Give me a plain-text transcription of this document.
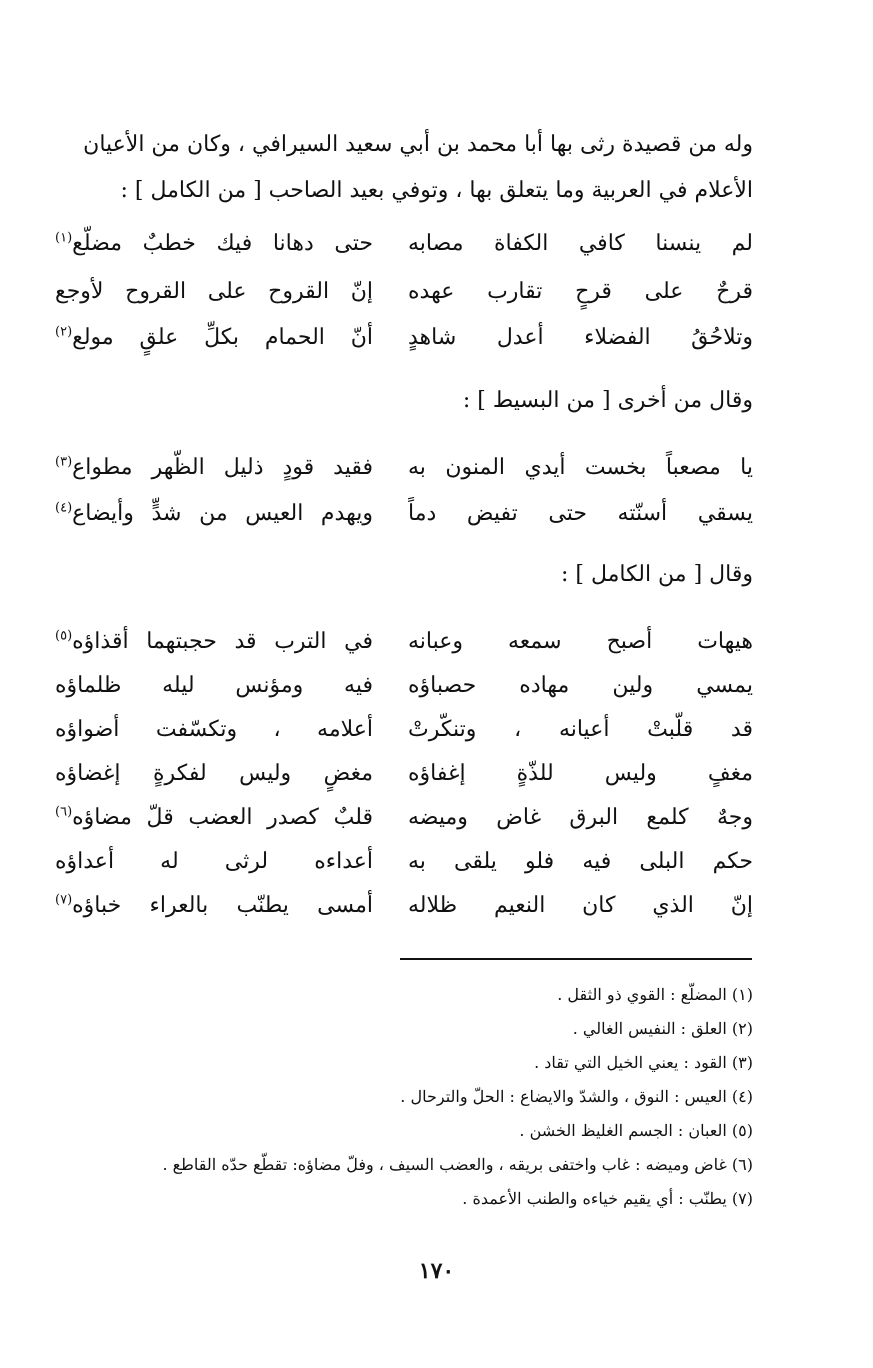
وله من قصيدة رثى بها أبا محمد بن أبي سعيد السيرافي ، وكان من الأعيان
الأعلام في العربية وما يتعلق بها ، وتوفي بعيد الصاحب [ من الكامل ] :
لم ينسنا كافي الكفاة مصابه
حتى دهانا فيك خطبٌ مضلّع$^{(١)}$
قرحٌ على قرحٍ تقارب عهده
إنّ القروح على القروح لأوجع
وتلاحُقُ الفضلاء أعدل شاهدٍ
أنّ الحمام بكلِّ علقٍ مولع$^{(٢)}$
وقال من أخرى [ من البسيط ] :
يا مصعباً بخست أيدي المنون به
فقيد قودٍ ذليل الظّهر مطواع$^{(٣)}$
يسقي أسنّته حتى تفيض دماً
ويهدم العيس من شدٍّ وأيضاع$^{(٤)}$
وقال [ من الكامل ] :
هيهات أصبح سمعه وعبانه
في الترب قد حجبتهما أقذاؤه$^{(٥)}$
يمسي ولين مهاده حصباؤه
فيه ومؤنس ليله ظلماؤه
قد قلّبتْ أعيانه ، وتنكّرتْ
أعلامه ، وتكسّفت أضواؤه
مغفٍ وليس للذّةٍ إغفاؤه
مغضٍ وليس لفكرةٍ إغضاؤه
وجهٌ كلمع البرق غاض وميضه
قلبٌ كصدر العضب قلّ مضاؤه$^{(٦)}$
حكم البلى فيه فلو يلقى به
أعداءه لرثى له أعداؤه
إنّ الذي كان النعيم ظلاله
أمسى يطنّب بالعراء خباؤه$^{(٧)}$
(١) المضلّع : القوي ذو الثقل .
(٢) العلق : النفيس الغالي .
(٣) القود : يعني الخيل التي تقاد .
(٤) العيس : النوق ، والشدّ والايضاع : الحلّ والترحال .
(٥) العبان : الجسم الغليظ الخشن .
(٦) غاض وميضه : غاب واختفى بريقه ، والعضب السيف ، وفلّ مضاؤه: تقطّع حدّه القاطع .
(٧) يطنّب : أي يقيم خياءه والطنب الأعمدة .
١٧٠
